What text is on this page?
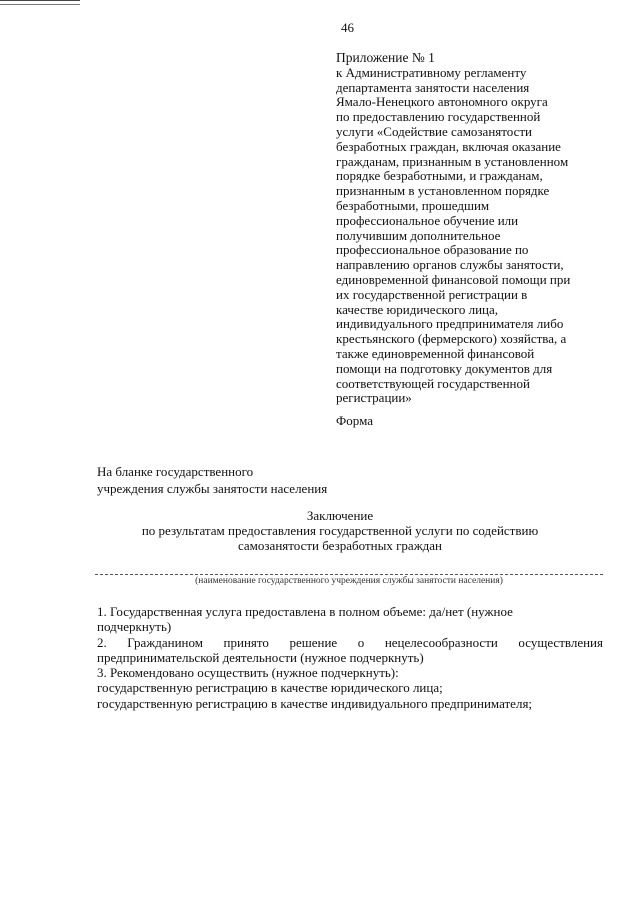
46
Приложение № 1
к Административному регламенту
департамента занятости населения
Ямало-Ненецкого автономного округа
по предоставлению государственной
услуги «Содействие самозанятости
безработных граждан, включая оказание
гражданам, признанным в установленном
порядке безработными, и гражданам,
признанным в установленном порядке
безработными, прошедшим
профессиональное обучение или
получившим дополнительное
профессиональное образование по
направлению органов службы занятости,
единовременной финансовой помощи при
их государственной регистрации в
качестве юридического лица,
индивидуального предпринимателя либо
крестьянского (фермерского) хозяйства, а
также единовременной финансовой
помощи на подготовку документов для
соответствующей государственной
регистрации»
Форма
На бланке государственного
учреждения службы занятости населения
Заключение
по результатам предоставления государственной услуги по содействию
самозанятости безработных граждан
(наименование государственного учреждения службы занятости населения)
1. Государственная услуга предоставлена в полном объеме: да/нет (нужное
подчеркнуть)
2. Гражданином принято решение о нецелесообразности осуществления
предпринимательской деятельности (нужное подчеркнуть)
3. Рекомендовано осуществить (нужное подчеркнуть):
государственную регистрацию в качестве юридического лица;
государственную регистрацию в качестве индивидуального предпринимателя;
